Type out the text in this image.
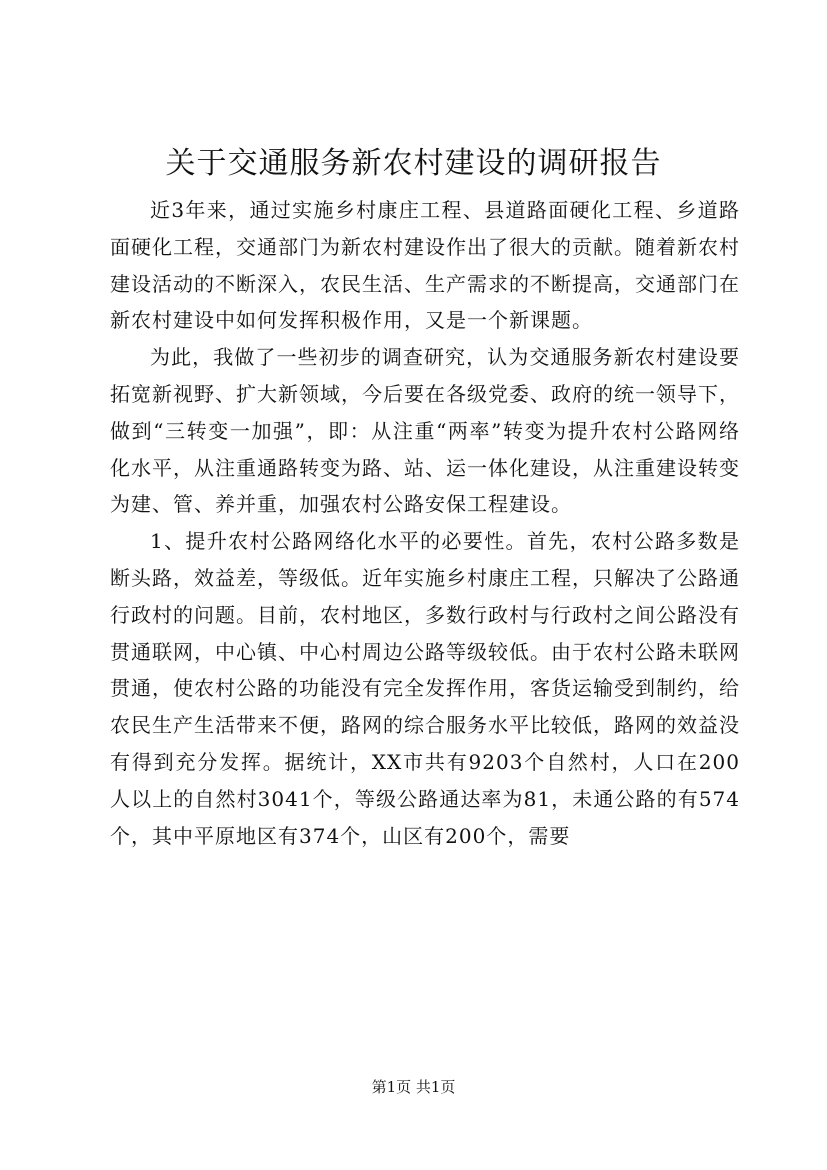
关于交通服务新农村建设的调研报告

近3年来，通过实施乡村康庄工程、县道路面硬化工程、乡道路面硬化工程，交通部门为新农村建设作出了很大的贡献。随着新农村建设活动的不断深入，农民生活、生产需求的不断提高，交通部门在新农村建设中如何发挥积极作用，又是一个新课题。

为此，我做了一些初步的调查研究，认为交通服务新农村建设要拓宽新视野、扩大新领域，今后要在各级党委、政府的统一领导下，做到“三转变一加强”，即：从注重“两率”转变为提升农村公路网络化水平，从注重通路转变为路、站、运一体化建设，从注重建设转变为建、管、养并重，加强农村公路安保工程建设。

1、提升农村公路网络化水平的必要性。首先，农村公路多数是断头路，效益差，等级低。近年实施乡村康庄工程，只解决了公路通行政村的问题。目前，农村地区，多数行政村与行政村之间公路没有贯通联网，中心镇、中心村周边公路等级较低。由于农村公路未联网贯通，使农村公路的功能没有完全发挥作用，客货运输受到制约，给农民生产生活带来不便，路网的综合服务水平比较低，路网的效益没有得到充分发挥。据统计，XX市共有9203个自然村，人口在200人以上的自然村3041个，等级公路通达率为81，未通公路的有574个，其中平原地区有374个，山区有200个，需要

第1页 共1页
